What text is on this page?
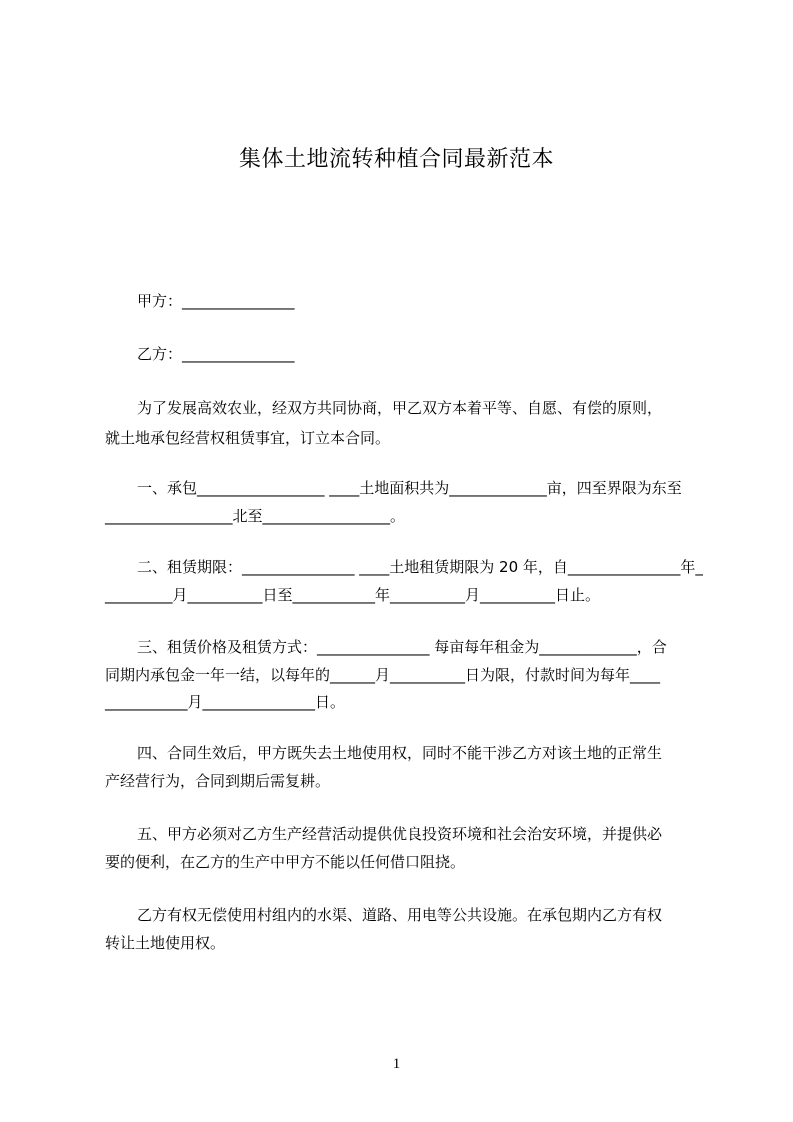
集体土地流转种植合同最新范本
甲方：_______________
乙方：_______________
为了发展高效农业，经双方共同协商，甲乙双方本着平等、自愿、有偿的原则，
就土地承包经营权租赁事宜，订立本合同。
一、承包_________________ ____土地面积共为_____________亩，四至界限为东至
_________________北至_________________。
二、租赁期限：_______________ ____土地租赁期限为 20 年，自_______________年_
_________月__________日至___________年__________月__________日止。
三、租赁价格及租赁方式：_______________ 每亩每年租金为_____________，合
同期内承包金一年一结，以每年的______月__________日为限，付款时间为每年____
___________月_______________日。
四、合同生效后，甲方既失去土地使用权，同时不能干涉乙方对该土地的正常生
产经营行为，合同到期后需复耕。
五、甲方必须对乙方生产经营活动提供优良投资环境和社会治安环境，并提供必
要的便利，在乙方的生产中甲方不能以任何借口阻挠。
乙方有权无偿使用村组内的水渠、道路、用电等公共设施。在承包期内乙方有权
转让土地使用权。
1
